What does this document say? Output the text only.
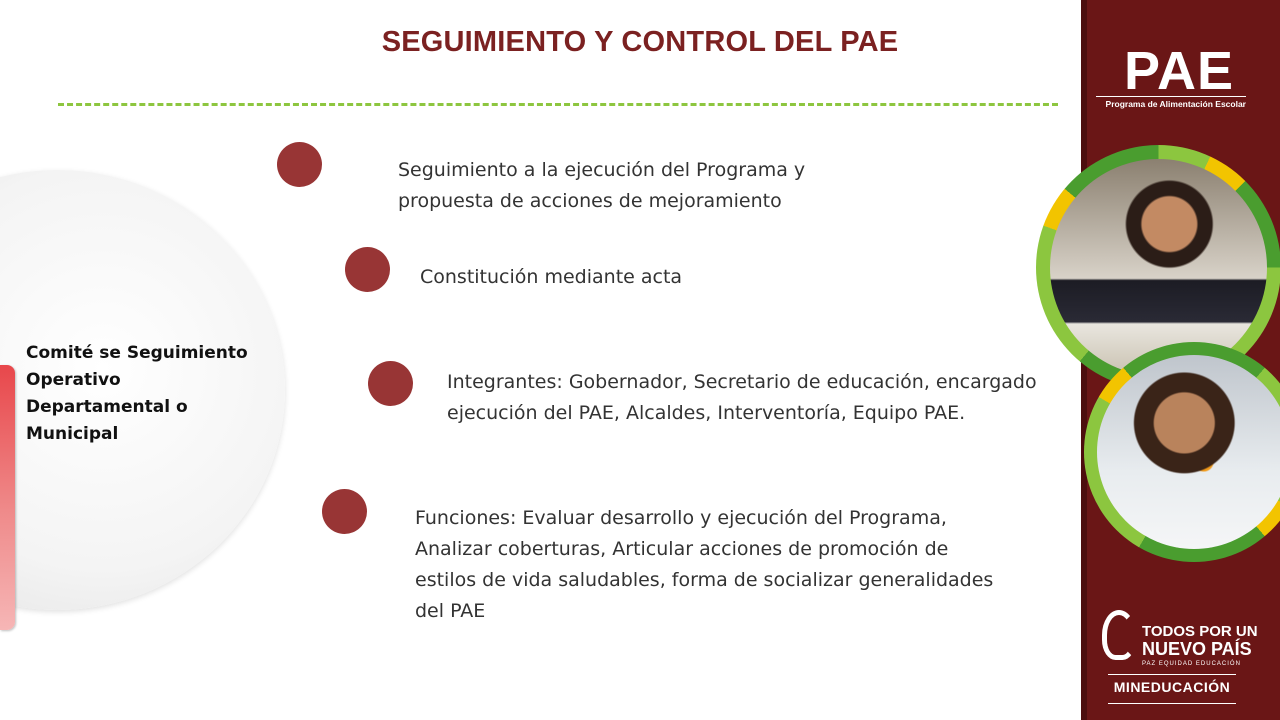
SEGUIMIENTO Y CONTROL DEL PAE
Comité se Seguimiento Operativo Departamental o Municipal
Seguimiento a la ejecución del Programa y propuesta de acciones de mejoramiento
Constitución mediante acta
Integrantes: Gobernador, Secretario de educación, encargado ejecución del PAE, Alcaldes, Interventoría, Equipo PAE.
Funciones: Evaluar desarrollo y ejecución del Programa, Analizar coberturas, Articular acciones de promoción de estilos de vida saludables, forma de socializar generalidades del PAE
PAE
Programa de Alimentación Escolar
TODOS POR UN
NUEVO PAÍS
PAZ EQUIDAD EDUCACIÓN
MINEDUCACIÓN
